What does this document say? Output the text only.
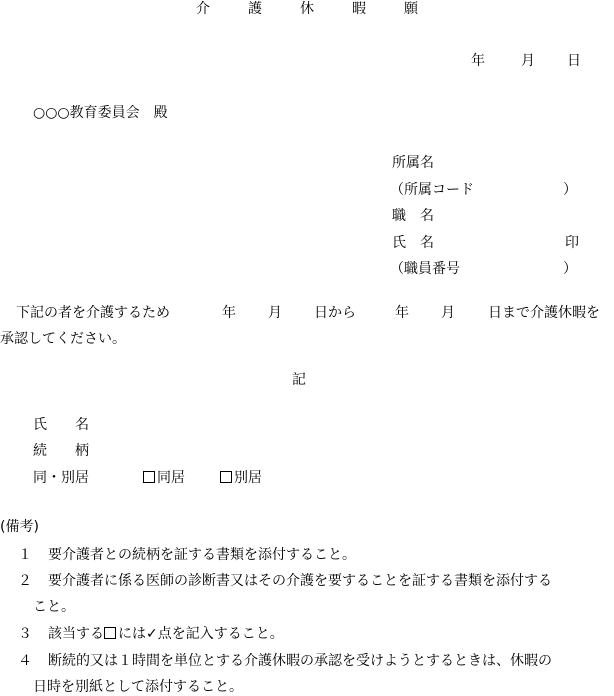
介	護	休	暇	願
年	月 日
○○○教育委員会　殿
所属名
（所属コード	）
職　名
氏　名	印
（職員番号	）
下記の者を介護するため	年 月 日から	年 月 日まで介護休暇を
承認してください。
記
氏　　名
続　　柄
同・別居	同居	別居
(備考)
１ 要介護者との続柄を証する書類を添付すること。
２ 要介護者に係る医師の診断書又はその介護を要することを証する書類を添付する
こと。
３ 該当する には✓点を記入すること。
４ 断続的又は１時間を単位とする介護休暇の承認を受けようとするときは、休暇の
日時を別紙として添付すること。
